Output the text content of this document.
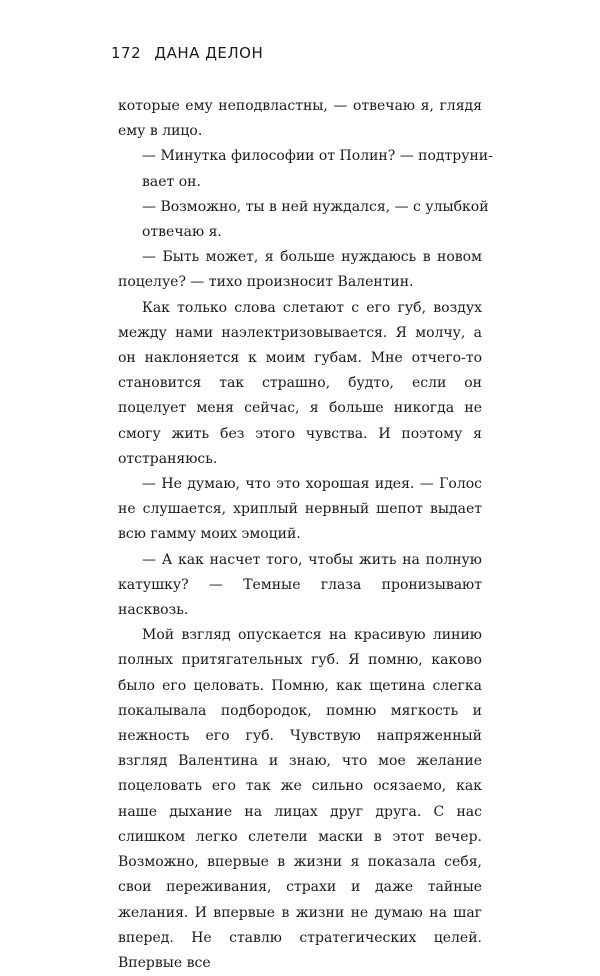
172 ДАНА ДЕЛОН

которые ему неподвластны, — отвечаю я, глядя
ему в лицо.

— Минутка философии от Полин? — подтруни-
вает он.

— Возможно, ты в ней нуждался, — с улыбкой
отвечаю я.

— Быть может, я больше нуждаюсь в новом поцелуе? — тихо произносит Валентин.

Как только слова слетают с его губ, воздух между нами наэлектризовывается. Я молчу, а он наклоняется к моим губам. Мне отчего-то становится так страшно, будто, если он поцелует меня сейчас, я больше никогда не смогу жить без этого чувства. И поэтому я отстраняюсь.

— Не думаю, что это хорошая идея. — Голос не слушается, хриплый нервный шепот выдает всю гамму моих эмоций.

— А как насчет того, чтобы жить на полную катушку? — Темные глаза пронизывают насквозь.

Мой взгляд опускается на красивую линию полных притягательных губ. Я помню, каково было его целовать. Помню, как щетина слегка покалывала подбородок, помню мягкость и нежность его губ. Чувствую напряженный взгляд Валентина и знаю, что мое желание поцеловать его так же сильно осязаемо, как наше дыхание на лицах друг друга. С нас слишком легко слетели маски в этот вечер. Возможно, впервые в жизни я показала себя, свои переживания, страхи и даже тайные желания. И впервые в жизни не думаю на шаг вперед. Не ставлю стратегических целей. Впервые все
